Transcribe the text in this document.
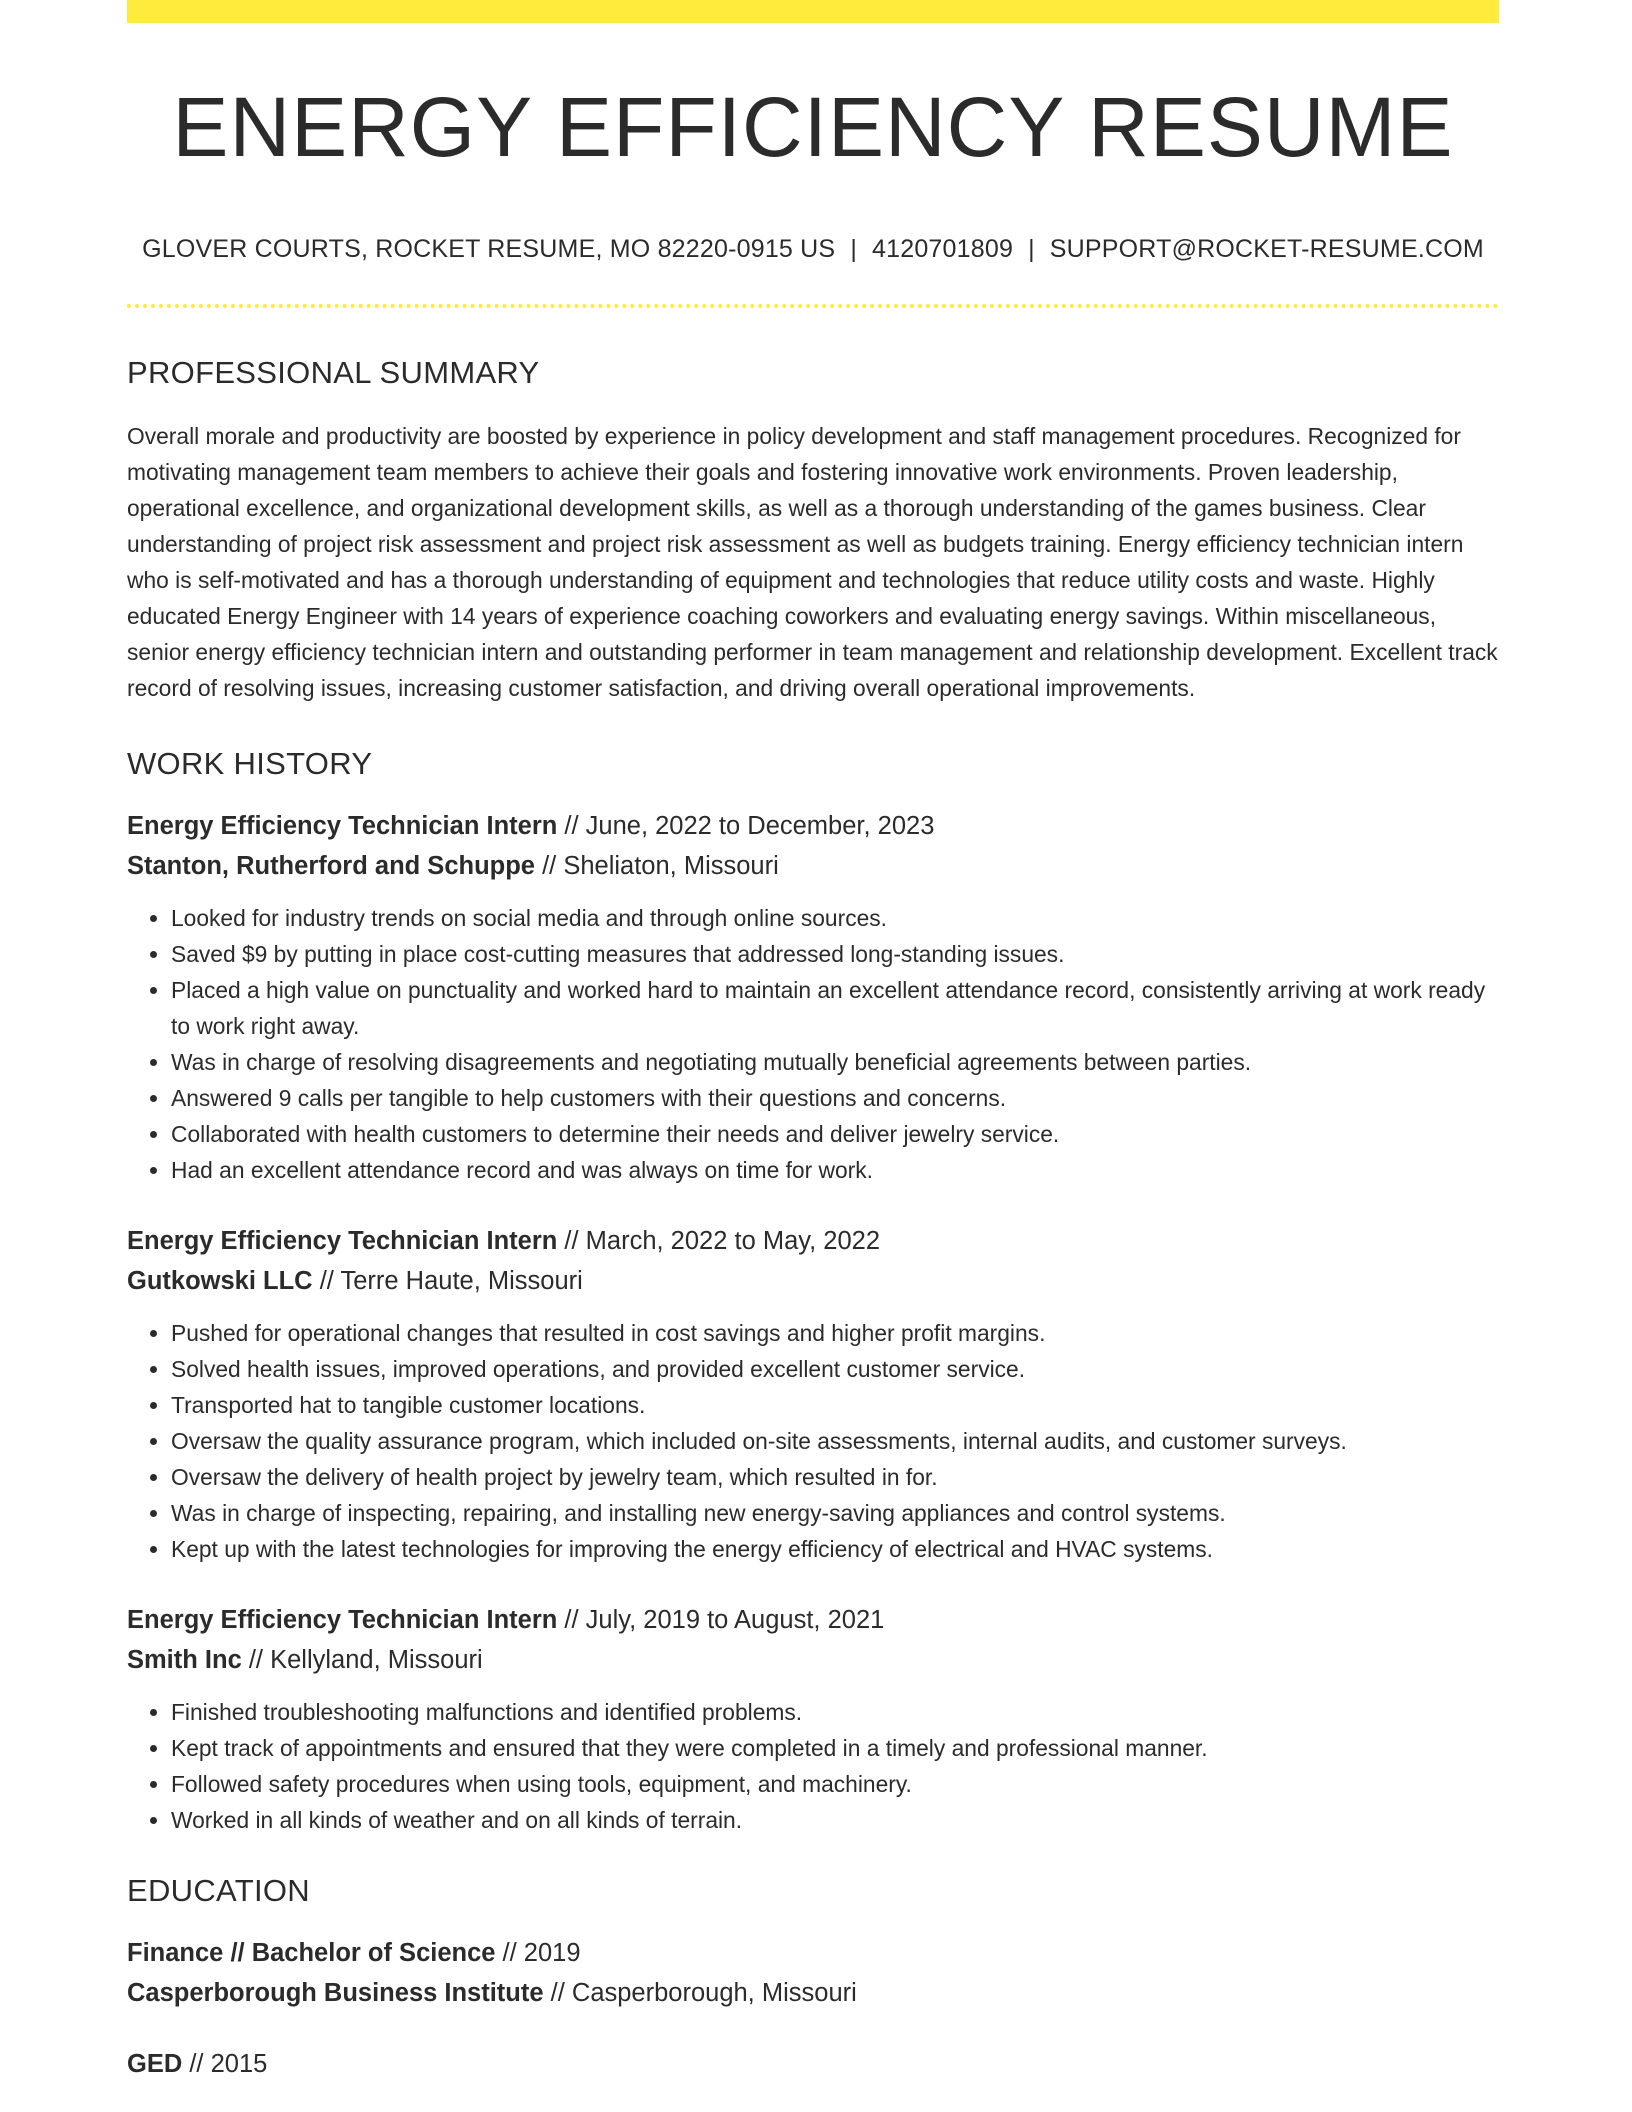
ENERGY EFFICIENCY RESUME
GLOVER COURTS, ROCKET RESUME, MO 82220-0915 US | 4120701809 | SUPPORT@ROCKET-RESUME.COM
PROFESSIONAL SUMMARY
Overall morale and productivity are boosted by experience in policy development and staff management procedures. Recognized for motivating management team members to achieve their goals and fostering innovative work environments. Proven leadership, operational excellence, and organizational development skills, as well as a thorough understanding of the games business. Clear understanding of project risk assessment and project risk assessment as well as budgets training. Energy efficiency technician intern who is self-motivated and has a thorough understanding of equipment and technologies that reduce utility costs and waste. Highly educated Energy Engineer with 14 years of experience coaching coworkers and evaluating energy savings. Within miscellaneous, senior energy efficiency technician intern and outstanding performer in team management and relationship development. Excellent track record of resolving issues, increasing customer satisfaction, and driving overall operational improvements.
WORK HISTORY
Energy Efficiency Technician Intern // June, 2022 to December, 2023
Stanton, Rutherford and Schuppe // Sheliaton, Missouri
• Looked for industry trends on social media and through online sources.
• Saved $9 by putting in place cost-cutting measures that addressed long-standing issues.
• Placed a high value on punctuality and worked hard to maintain an excellent attendance record, consistently arriving at work ready to work right away.
• Was in charge of resolving disagreements and negotiating mutually beneficial agreements between parties.
• Answered 9 calls per tangible to help customers with their questions and concerns.
• Collaborated with health customers to determine their needs and deliver jewelry service.
• Had an excellent attendance record and was always on time for work.
Energy Efficiency Technician Intern // March, 2022 to May, 2022
Gutkowski LLC // Terre Haute, Missouri
• Pushed for operational changes that resulted in cost savings and higher profit margins.
• Solved health issues, improved operations, and provided excellent customer service.
• Transported hat to tangible customer locations.
• Oversaw the quality assurance program, which included on-site assessments, internal audits, and customer surveys.
• Oversaw the delivery of health project by jewelry team, which resulted in for.
• Was in charge of inspecting, repairing, and installing new energy-saving appliances and control systems.
• Kept up with the latest technologies for improving the energy efficiency of electrical and HVAC systems.
Energy Efficiency Technician Intern // July, 2019 to August, 2021
Smith Inc // Kellyland, Missouri
• Finished troubleshooting malfunctions and identified problems.
• Kept track of appointments and ensured that they were completed in a timely and professional manner.
• Followed safety procedures when using tools, equipment, and machinery.
• Worked in all kinds of weather and on all kinds of terrain.
EDUCATION
Finance // Bachelor of Science // 2019
Casperborough Business Institute // Casperborough, Missouri
GED // 2015
